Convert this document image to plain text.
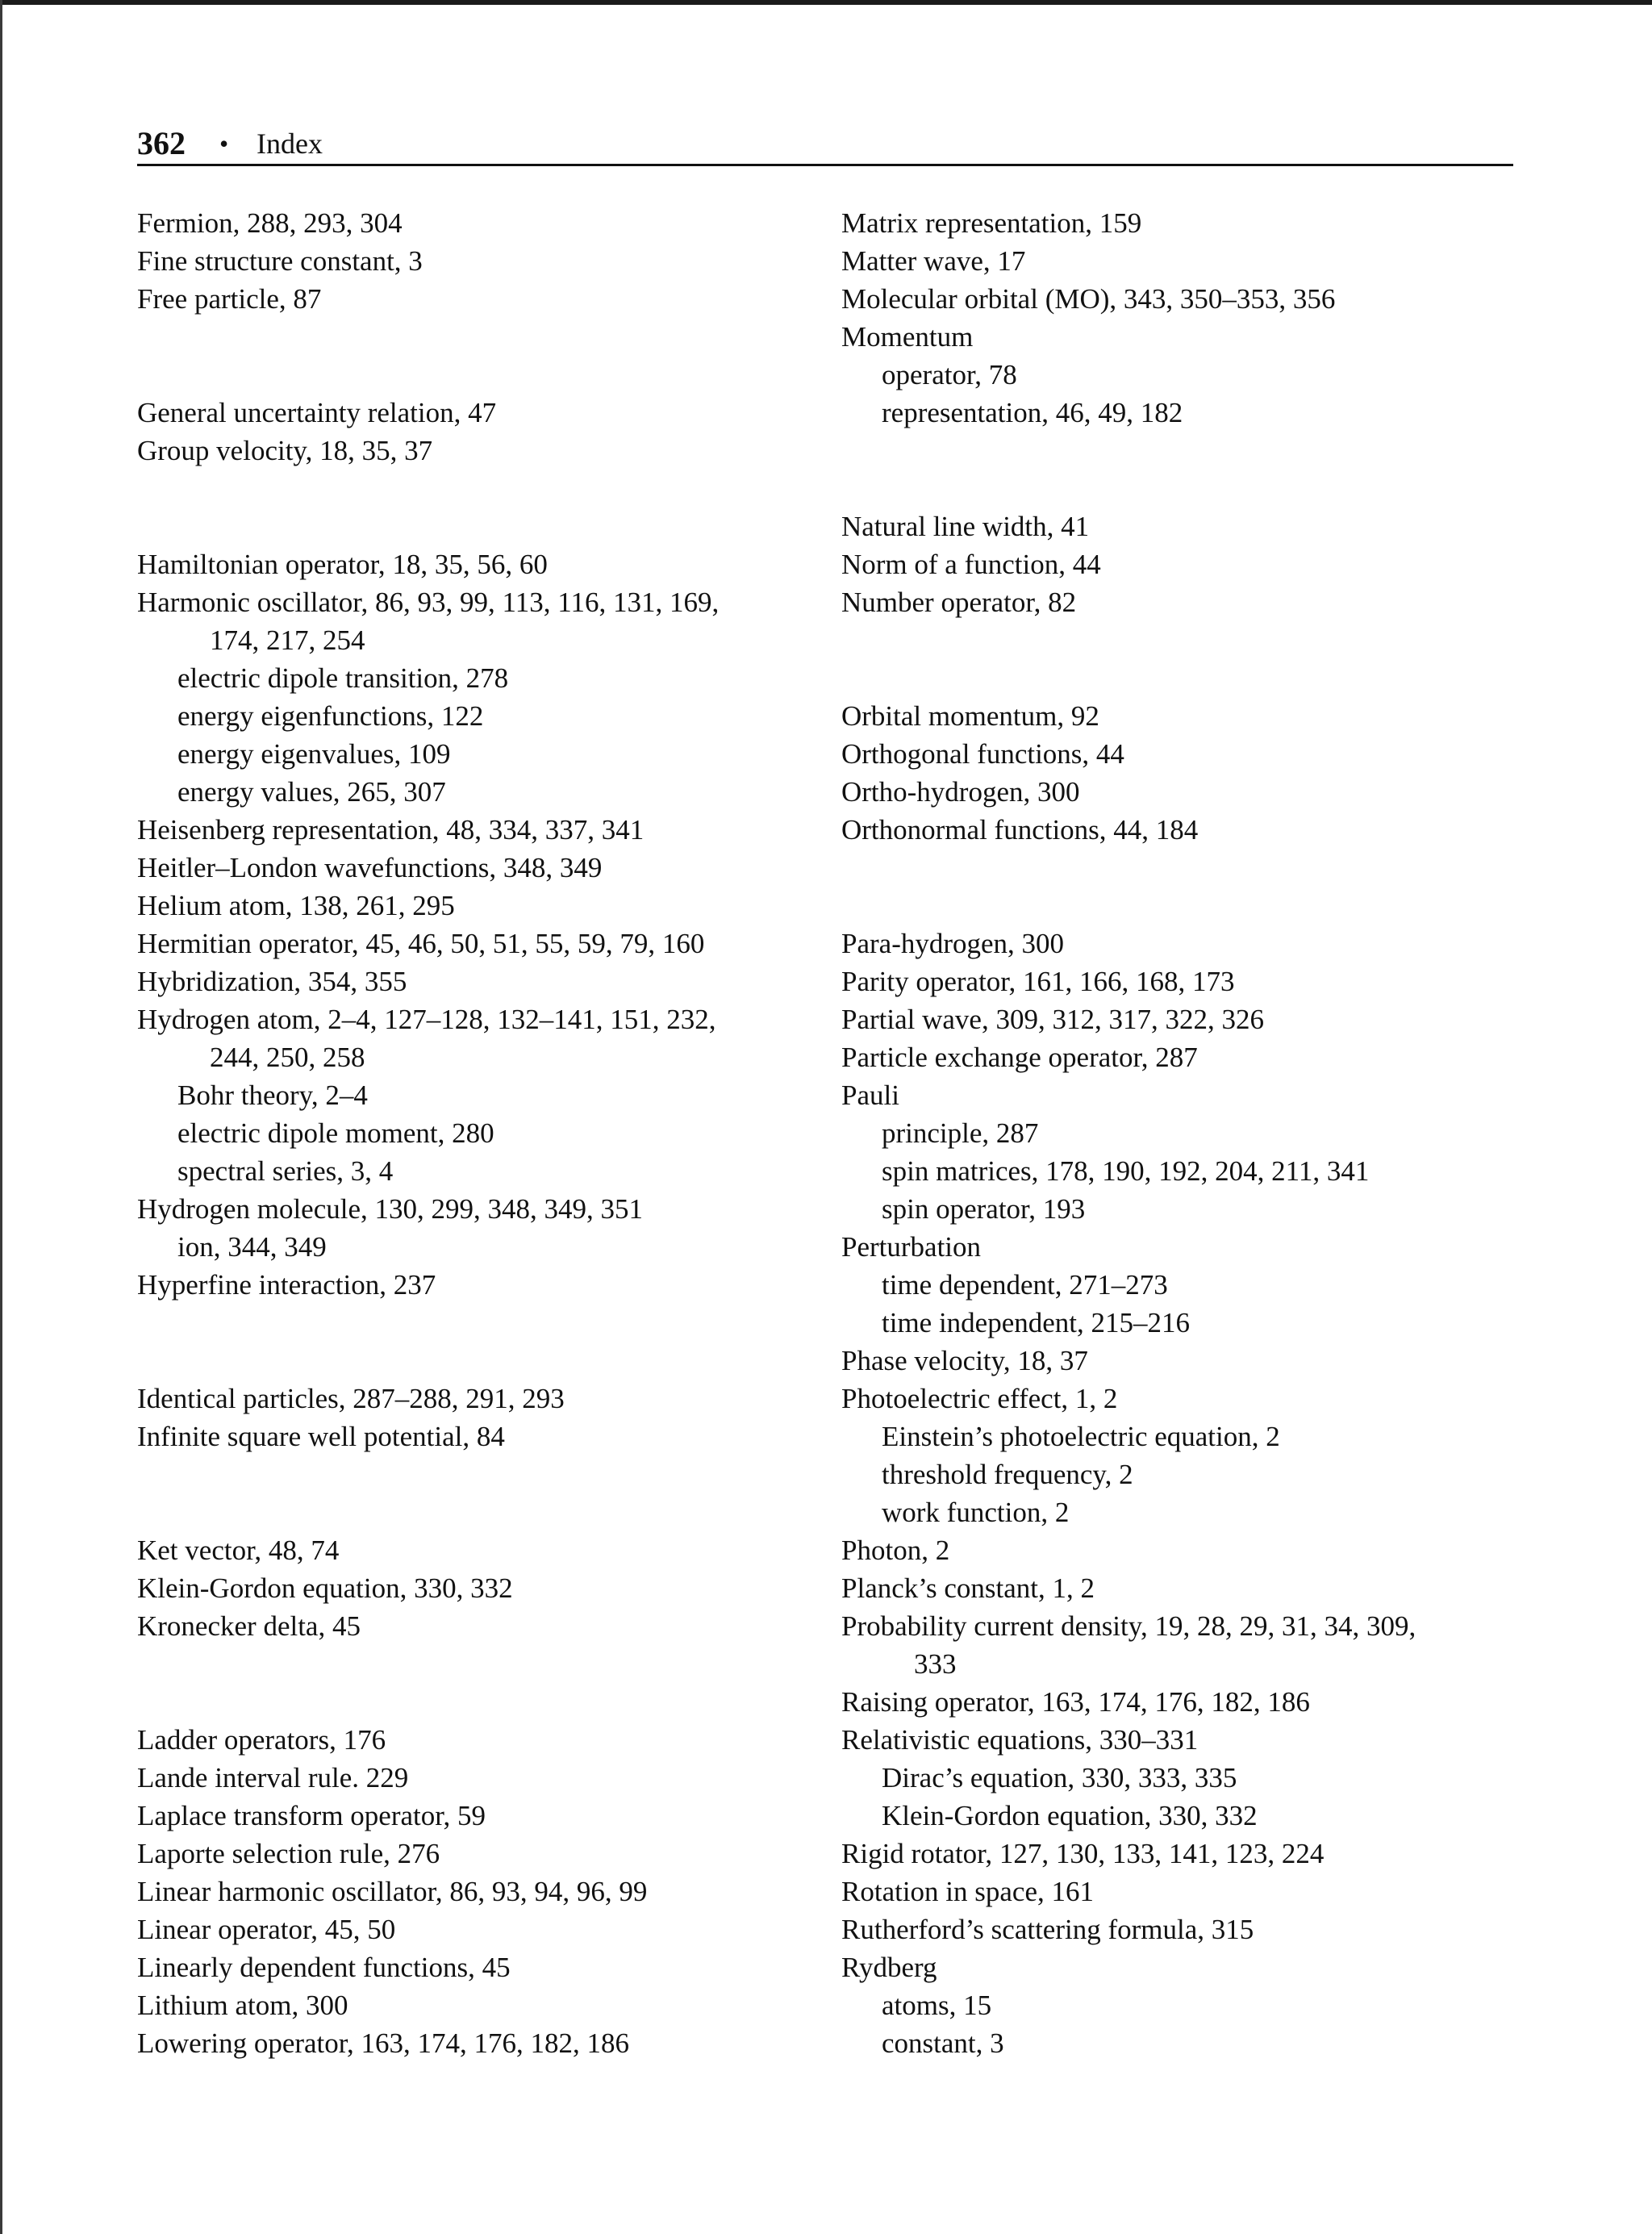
362 • Index
Fermion, 288, 293, 304
Fine structure constant, 3
Free particle, 87
General uncertainty relation, 47
Group velocity, 18, 35, 37
Hamiltonian operator, 18, 35, 56, 60
Harmonic oscillator, 86, 93, 99, 113, 116, 131, 169,
174, 217, 254
electric dipole transition, 278
energy eigenfunctions, 122
energy eigenvalues, 109
energy values, 265, 307
Heisenberg representation, 48, 334, 337, 341
Heitler–London wavefunctions, 348, 349
Helium atom, 138, 261, 295
Hermitian operator, 45, 46, 50, 51, 55, 59, 79, 160
Hybridization, 354, 355
Hydrogen atom, 2–4, 127–128, 132–141, 151, 232,
244, 250, 258
Bohr theory, 2–4
electric dipole moment, 280
spectral series, 3, 4
Hydrogen molecule, 130, 299, 348, 349, 351
ion, 344, 349
Hyperfine interaction, 237
Identical particles, 287–288, 291, 293
Infinite square well potential, 84
Ket vector, 48, 74
Klein-Gordon equation, 330, 332
Kronecker delta, 45
Ladder operators, 176
Lande interval rule. 229
Laplace transform operator, 59
Laporte selection rule, 276
Linear harmonic oscillator, 86, 93, 94, 96, 99
Linear operator, 45, 50
Linearly dependent functions, 45
Lithium atom, 300
Lowering operator, 163, 174, 176, 182, 186
Matrix representation, 159
Matter wave, 17
Molecular orbital (MO), 343, 350–353, 356
Momentum
operator, 78
representation, 46, 49, 182
Natural line width, 41
Norm of a function, 44
Number operator, 82
Orbital momentum, 92
Orthogonal functions, 44
Ortho-hydrogen, 300
Orthonormal functions, 44, 184
Para-hydrogen, 300
Parity operator, 161, 166, 168, 173
Partial wave, 309, 312, 317, 322, 326
Particle exchange operator, 287
Pauli
principle, 287
spin matrices, 178, 190, 192, 204, 211, 341
spin operator, 193
Perturbation
time dependent, 271–273
time independent, 215–216
Phase velocity, 18, 37
Photoelectric effect, 1, 2
Einstein’s photoelectric equation, 2
threshold frequency, 2
work function, 2
Photon, 2
Planck’s constant, 1, 2
Probability current density, 19, 28, 29, 31, 34, 309,
333
Raising operator, 163, 174, 176, 182, 186
Relativistic equations, 330–331
Dirac’s equation, 330, 333, 335
Klein-Gordon equation, 330, 332
Rigid rotator, 127, 130, 133, 141, 123, 224
Rotation in space, 161
Rutherford’s scattering formula, 315
Rydberg
atoms, 15
constant, 3
